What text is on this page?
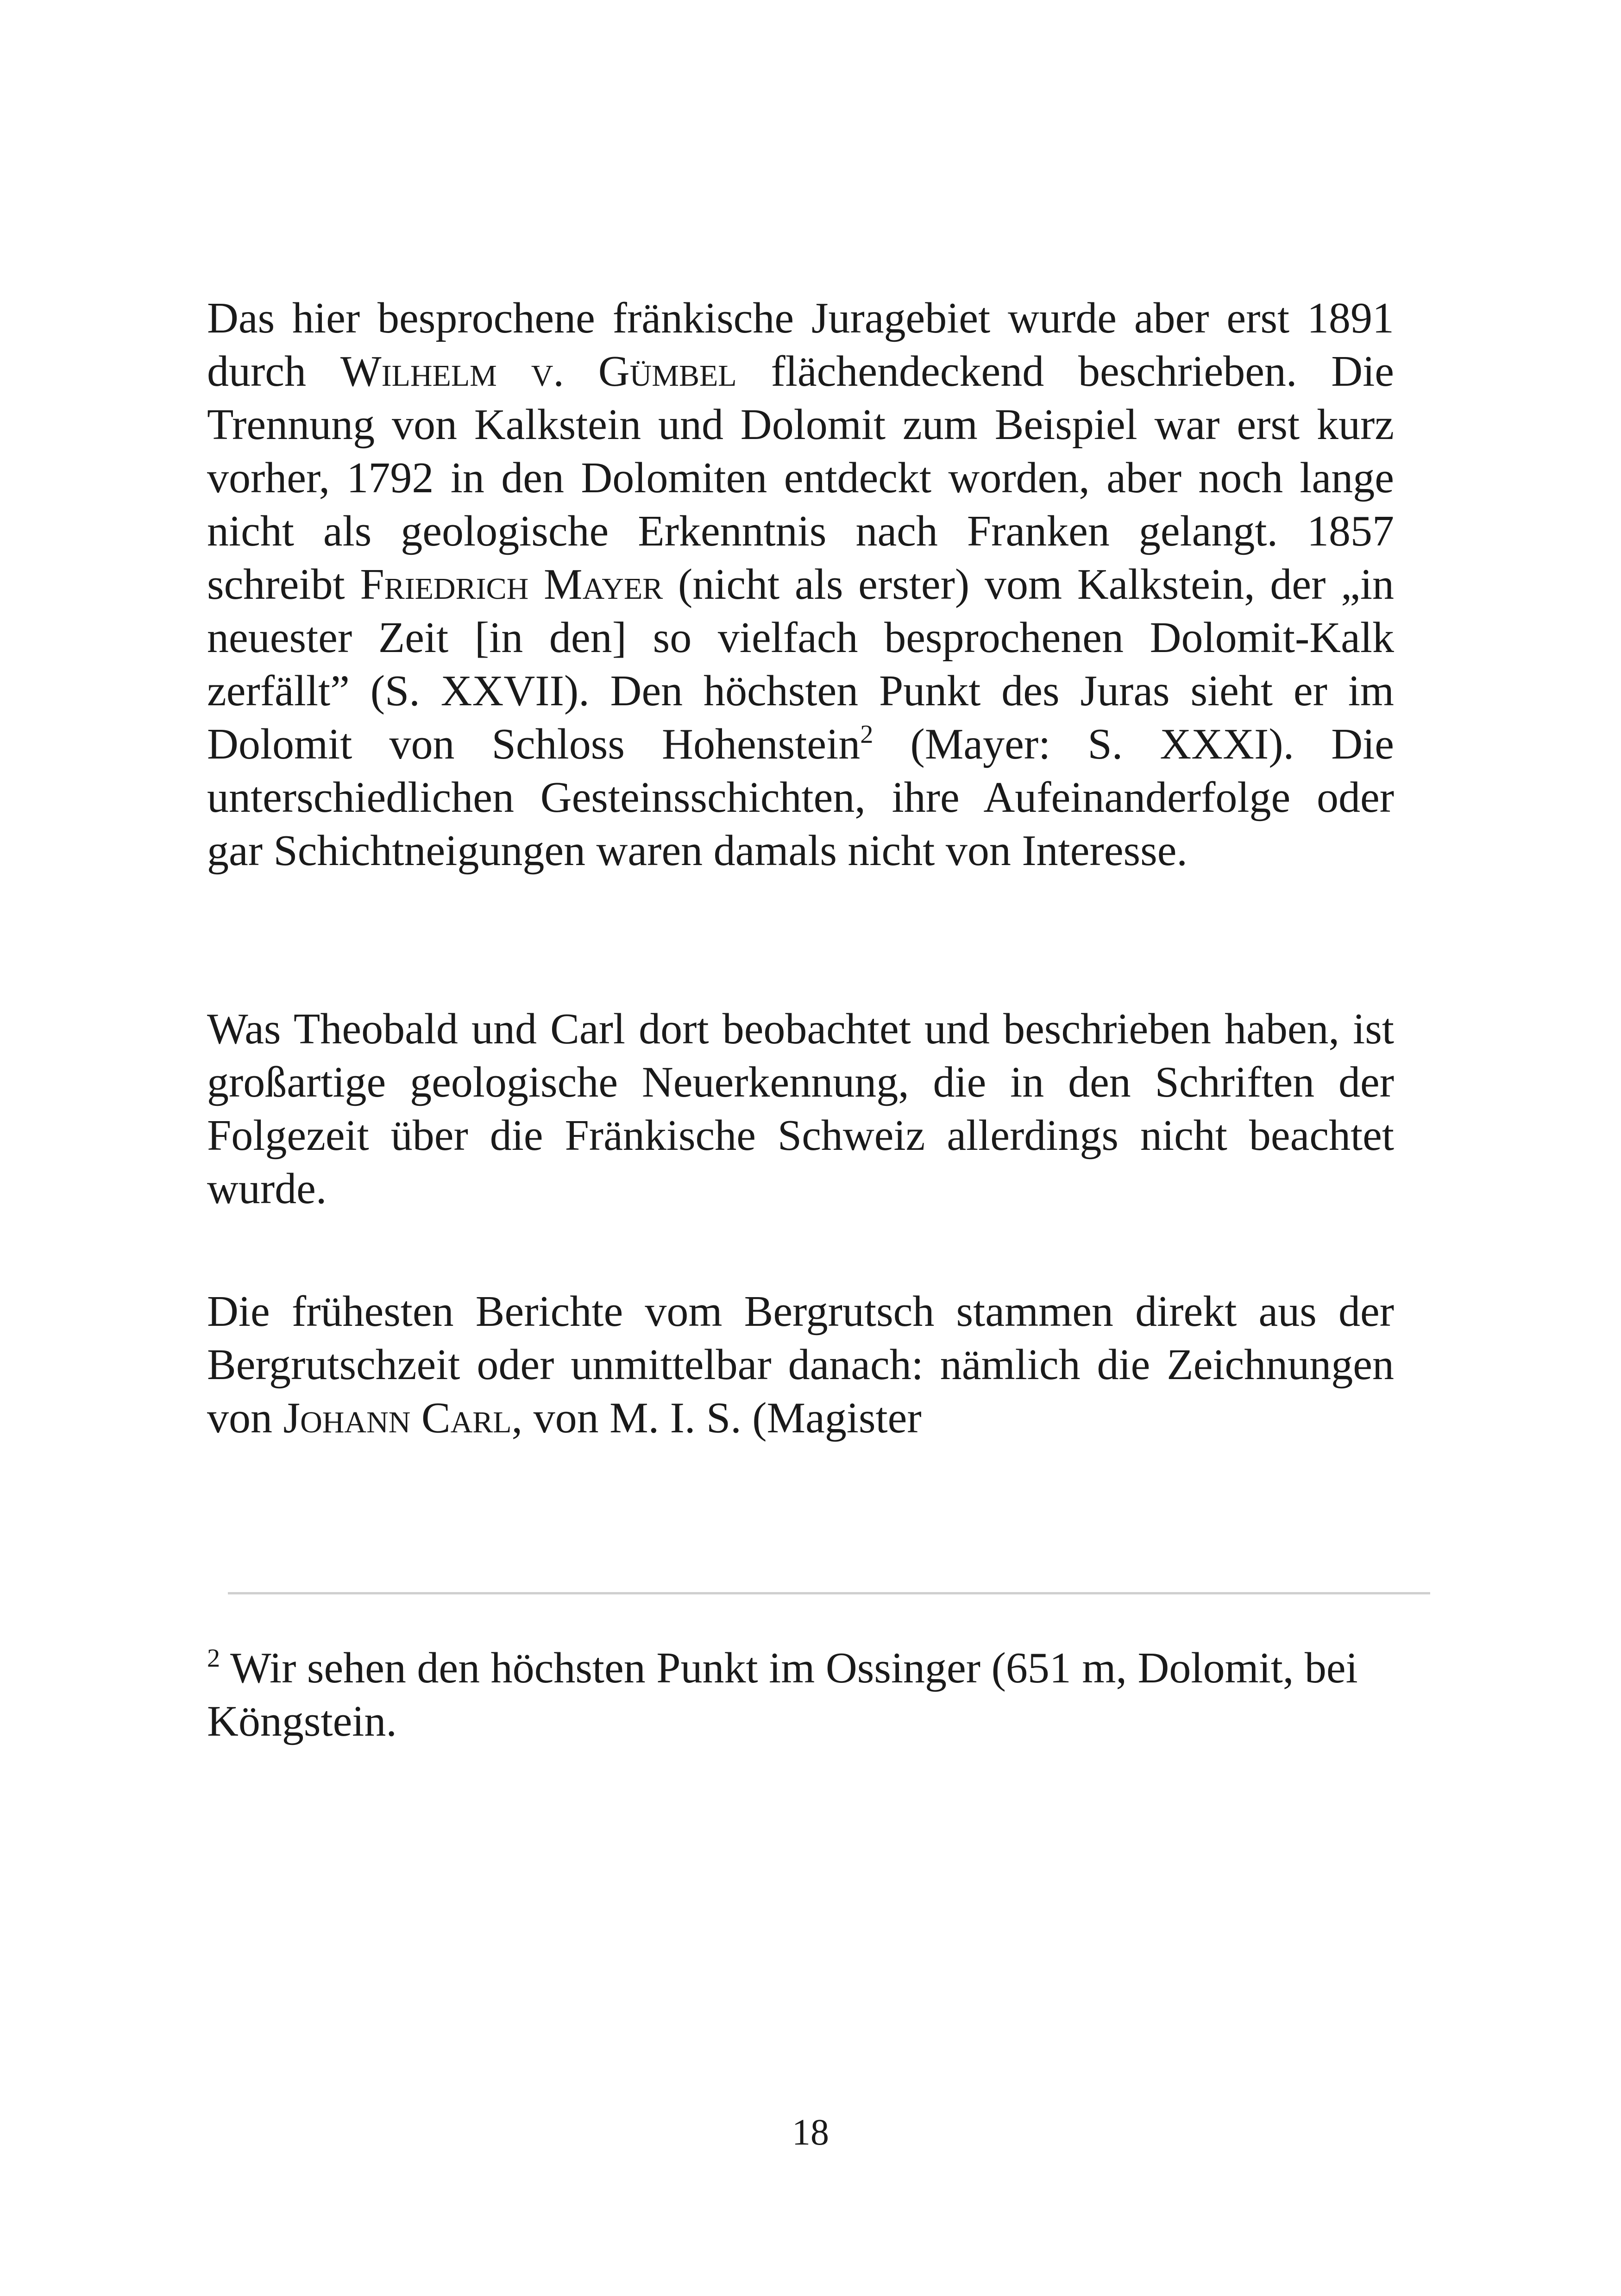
Das hier besprochene fränkische Juragebiet wurde aber erst 1891 durch Wilhelm v. Gümbel flächendeckend beschrieben. Die Trennung von Kalkstein und Dolomit zum Beispiel war erst kurz vorher, 1792 in den Dolomiten entdeckt worden, aber noch lange nicht als geologische Erkenntnis nach Franken gelangt. 1857 schreibt Friedrich Mayer (nicht als erster) vom Kalkstein, der „in neuester Zeit [in den] so vielfach besprochenen Dolomit-Kalk zerfällt” (S. XXVII). Den höchsten Punkt des Juras sieht er im Dolomit von Schloss Hohenstein$^2$ (Mayer: S. XXXI). Die unterschiedlichen Gesteinsschichten, ihre Aufeinanderfolge oder gar Schichtneigungen waren damals nicht von Interesse.

Was Theobald und Carl dort beobachtet und beschrieben haben, ist großartige geologische Neuerkennung, die in den Schriften der Folgezeit über die Fränkische Schweiz allerdings nicht beachtet wurde.

Die frühesten Berichte vom Bergrutsch stammen direkt aus der Bergrutschzeit oder unmittelbar danach: nämlich die Zeichnungen von Johann Carl, von M. I. S. (Magister

$^2$ Wir sehen den höchsten Punkt im Ossinger (651 m, Dolomit, bei Köngstein.

18
